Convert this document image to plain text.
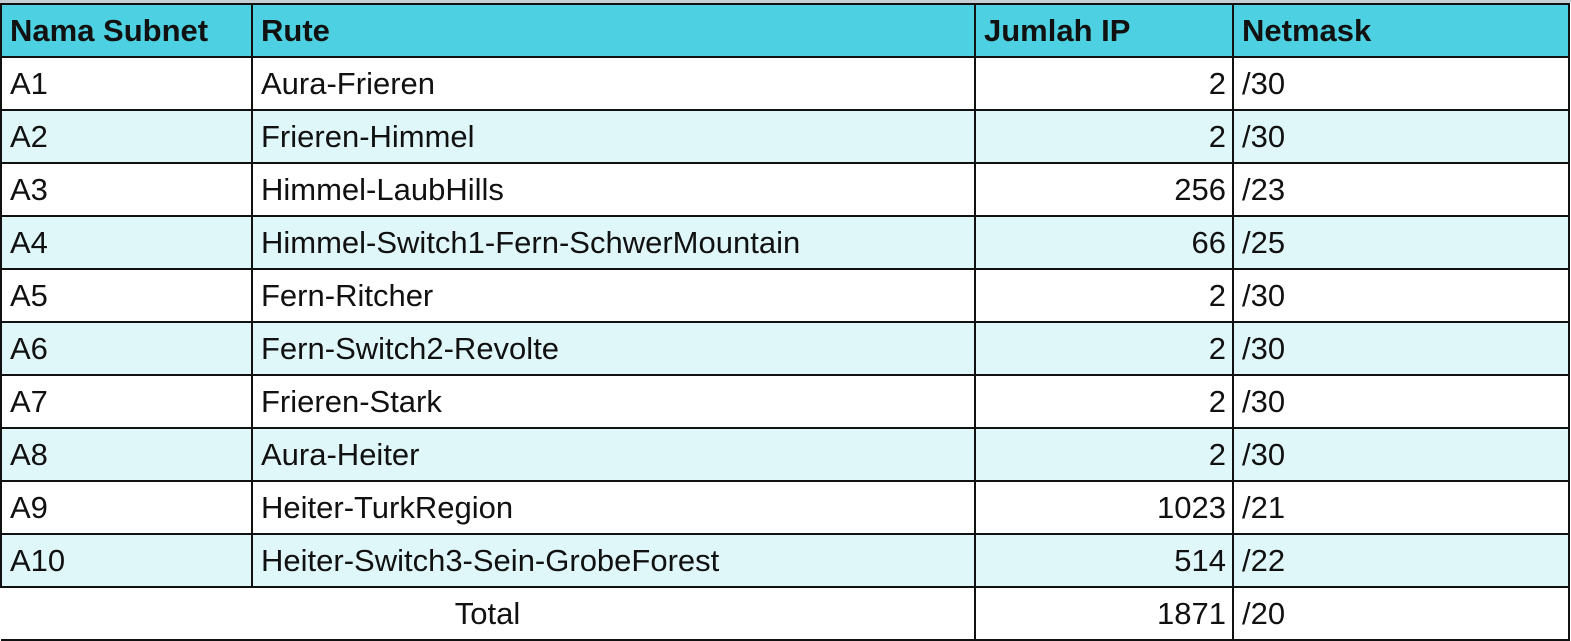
Nama Subnet	Rute	Jumlah IP	Netmask
A1	Aura-Frieren	2	/30
A2	Frieren-Himmel	2	/30
A3	Himmel-LaubHills	256	/23
A4	Himmel-Switch1-Fern-SchwerMountain	66	/25
A5	Fern-Ritcher	2	/30
A6	Fern-Switch2-Revolte	2	/30
A7	Frieren-Stark	2	/30
A8	Aura-Heiter	2	/30
A9	Heiter-TurkRegion	1023	/21
A10	Heiter-Switch3-Sein-GrobeForest	514	/22
Total		1871	/20
